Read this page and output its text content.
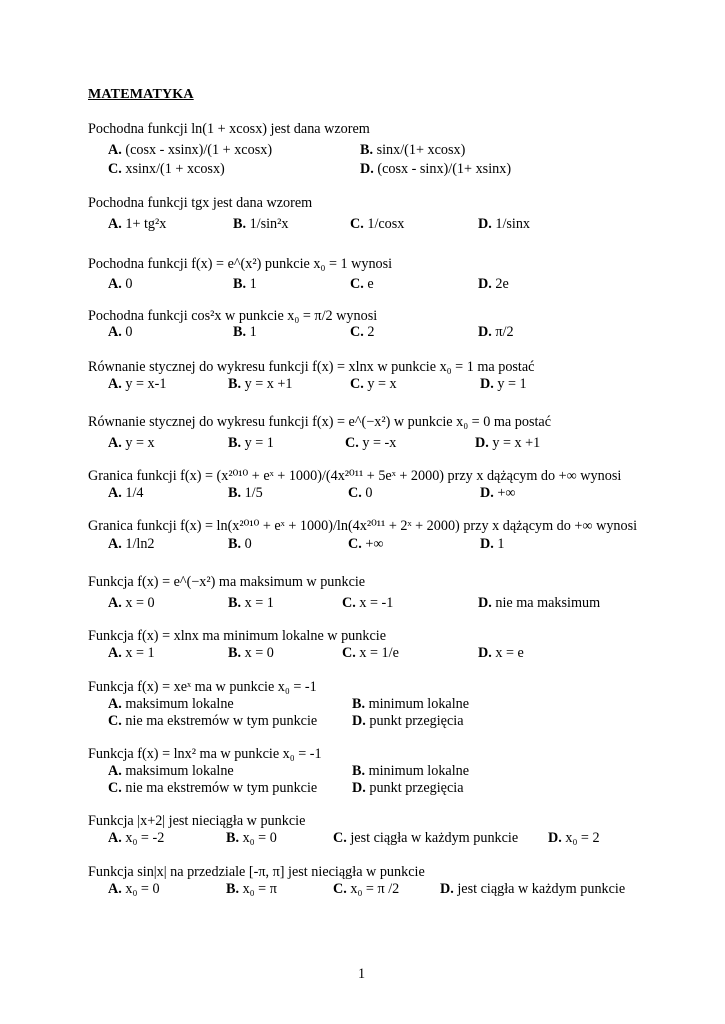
MATEMATYKA
Pochodna funkcji ln(1 + xcosx) jest dana wzorem
A. (cosx - xsinx)/(1 + xcosx)	B. sinx/(1+ xcosx)
C. xsinx/(1 + xcosx)	D. (cosx - sinx)/(1+ xsinx)
Pochodna funkcji tgx jest dana wzorem
A. 1+ tg²x	B. 1/sin²x	C. 1/cosx	D. 1/sinx
Pochodna funkcji f(x) = e^(x²) punkcie x₀ = 1 wynosi
A. 0	B. 1	C. e	D. 2e
Pochodna funkcji cos²x w punkcie x₀ = π/2 wynosi
A. 0	B. 1	C. 2	D. π/2
Równanie stycznej do wykresu funkcji f(x) = xlnx w punkcie x₀ = 1 ma postać
A. y = x-1	B. y = x +1	C. y = x	D. y = 1
Równanie stycznej do wykresu funkcji f(x) = e^(−x²) w punkcie x₀ = 0 ma postać
A. y = x	B. y = 1	C. y = -x	D. y = x +1
Granica funkcji f(x) = (x²⁰¹⁰ + eˣ + 1000)/(4x²⁰¹¹ + 5eˣ + 2000) przy x dążącym do +∞ wynosi
A. 1/4	B. 1/5	C. 0	D. +∞
Granica funkcji f(x) = ln(x²⁰¹⁰ + eˣ + 1000)/ln(4x²⁰¹¹ + 2ˣ + 2000) przy x dążącym do +∞ wynosi
A. 1/ln2	B. 0	C. +∞	D. 1
Funkcja f(x) = e^(−x²) ma maksimum w punkcie
A. x = 0	B. x = 1	C. x = -1	D. nie ma maksimum
Funkcja f(x) = xlnx ma minimum lokalne w punkcie
A. x = 1	B. x = 0	C. x = 1/e	D. x = e
Funkcja f(x) = xeˣ ma w punkcie x₀ = -1
A. maksimum lokalne	B. minimum lokalne
C. nie ma ekstremów w tym punkcie D. punkt przegięcia
Funkcja f(x) = lnx² ma w punkcie x₀ = -1
A. maksimum lokalne	B. minimum lokalne
C. nie ma ekstremów w tym punkcie D. punkt przegięcia
Funkcja |x+2| jest nieciągła w punkcie
A. x₀ = -2	B. x₀ = 0	C. jest ciągła w każdym punkcie D. x₀ = 2
Funkcja sin|x| na przedziale [-π, π] jest nieciągła w punkcie
A. x₀ = 0	B. x₀ = π	C. x₀ = π /2	D. jest ciągła w każdym punkcie
1
